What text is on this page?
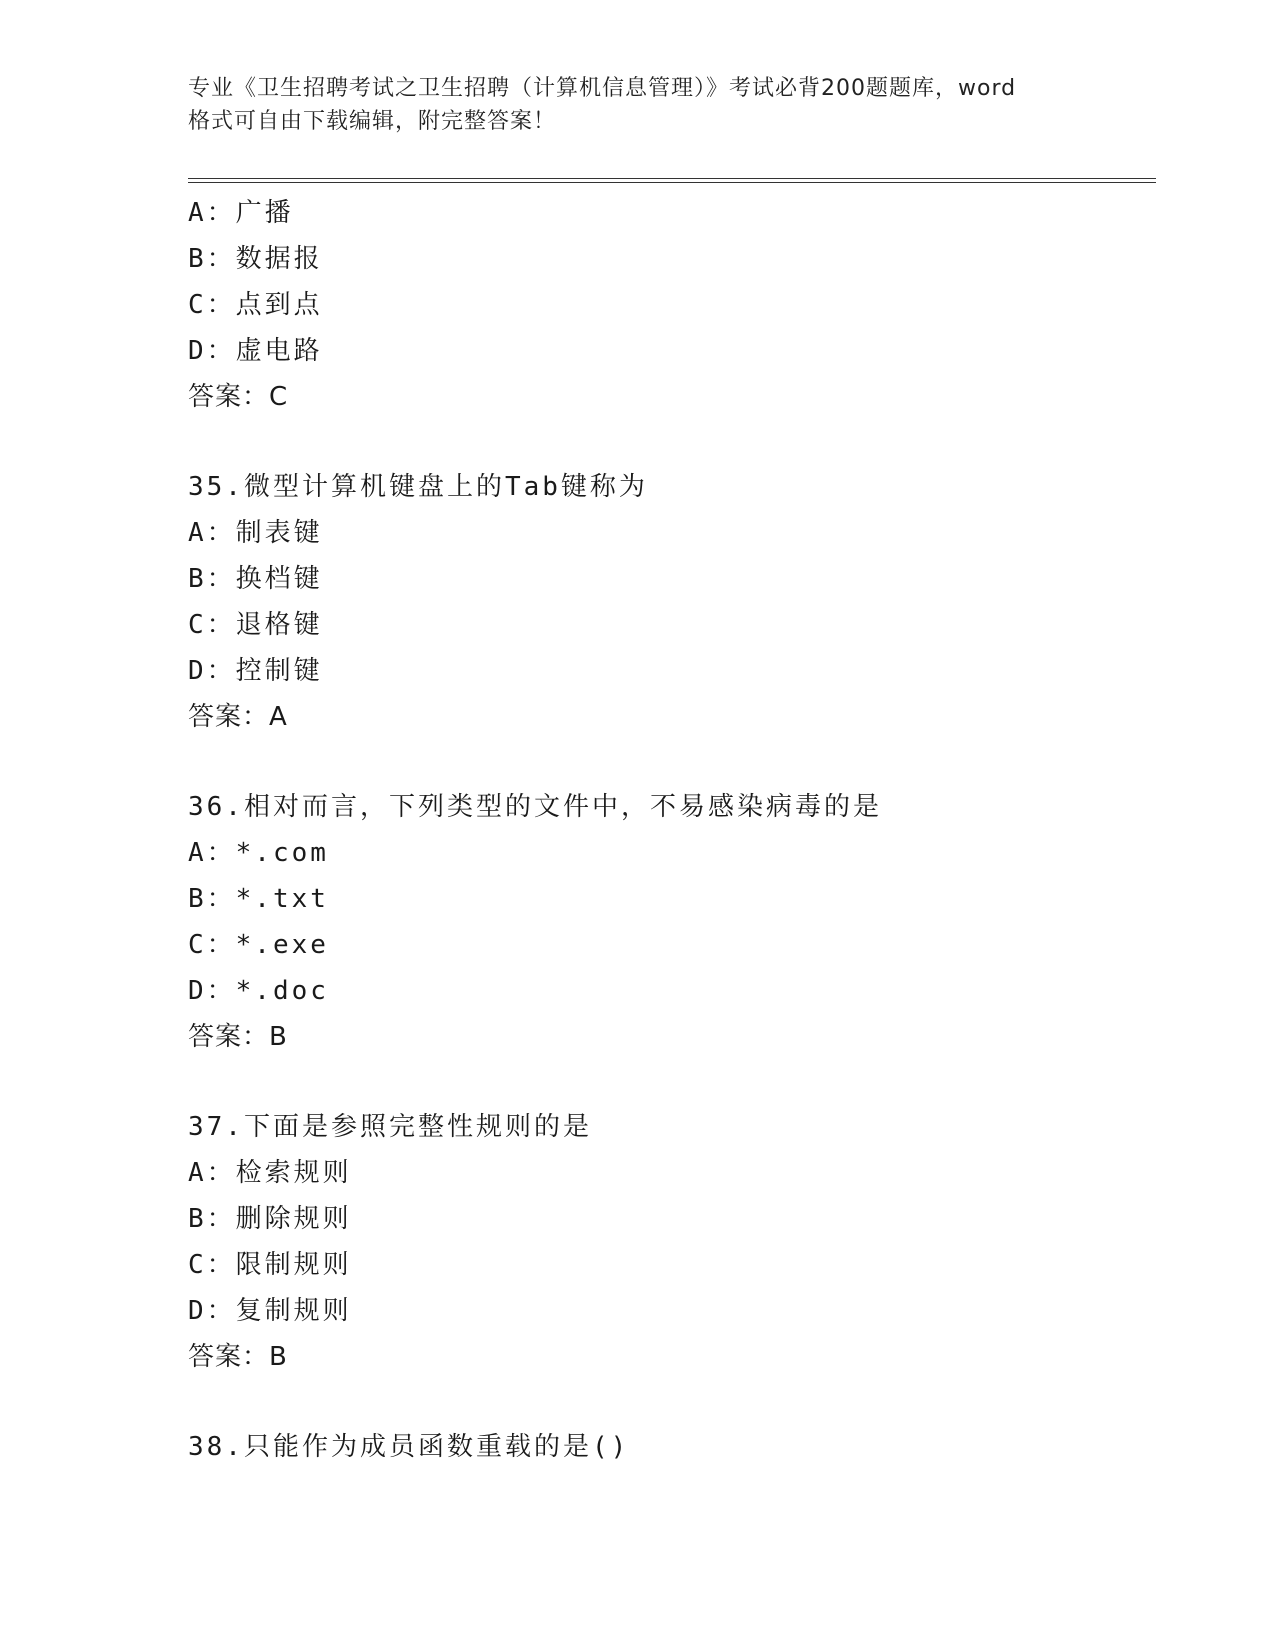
专业《卫生招聘考试之卫生招聘（计算机信息管理）》考试必背200题题库，word
格式可自由下载编辑，附完整答案！
A：广播
B：数据报
C：点到点
D：虚电路
答案：C
35.微型计算机键盘上的Tab键称为
A：制表键
B：换档键
C：退格键
D：控制键
答案：A
36.相对而言，下列类型的文件中，不易感染病毒的是
A：*.com
B：*.txt
C：*.exe
D：*.doc
答案：B
37.下面是参照完整性规则的是
A：检索规则
B：删除规则
C：限制规则
D：复制规则
答案：B
38.只能作为成员函数重载的是()
